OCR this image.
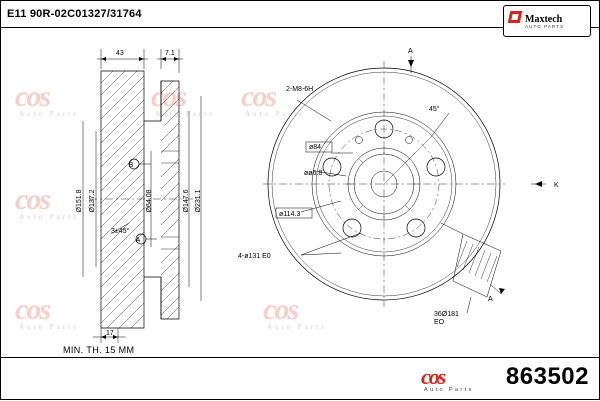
E11 90R-02C01327/31764	Maxtech
AUTO PARTS
cos
Auto Parts
cos
Auto Parts
cos
Auto Parts
cos
Auto Parts
cos
Auto Parts
cos
Auto Parts
43	7.1
17
Ø151.8 Ø137.2	Ø64.08	Ø147.6 Ø231.1
3±45°
B
A
A
K
A
2-M8-6H
45°
ø84
øø6.8
ø114.3
4-ø131 E0
36Ø181
EO
MIN. TH. 15 MM
cos
Auto Parts 863502
